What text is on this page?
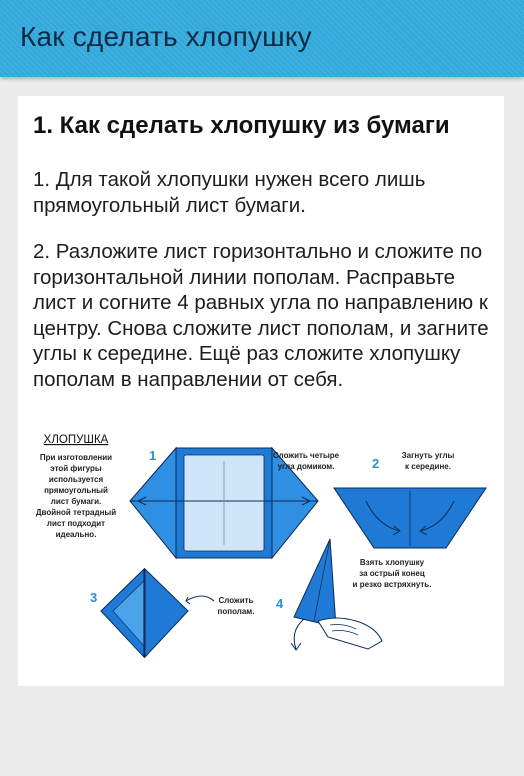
Как сделать хлопушку
1. Как сделать хлопушку из бумаги
1. Для такой хлопушки нужен всего лишь прямоугольный лист бумаги.
2. Разложите лист горизонтально и сложите по горизонтальной линии пополам. Расправьте лист и согните 4 равных угла по направлению к центру. Снова сложите лист пополам, и загните углы к середине. Ещё раз сложите хлопушку пополам в направлении от себя.
ХЛОПУШКА
При изготовлении
этой фигуры
используется
прямоугольный
лист бумаги.
Двойной тетрадный
лист подходит
идеально.
1
2
3	4
Сложить четыре
угла домиком.
Загнуть углы
к середине.
Сложить
пополам.
Взять хлопушку
за острый конец
и резко встряхнуть.
